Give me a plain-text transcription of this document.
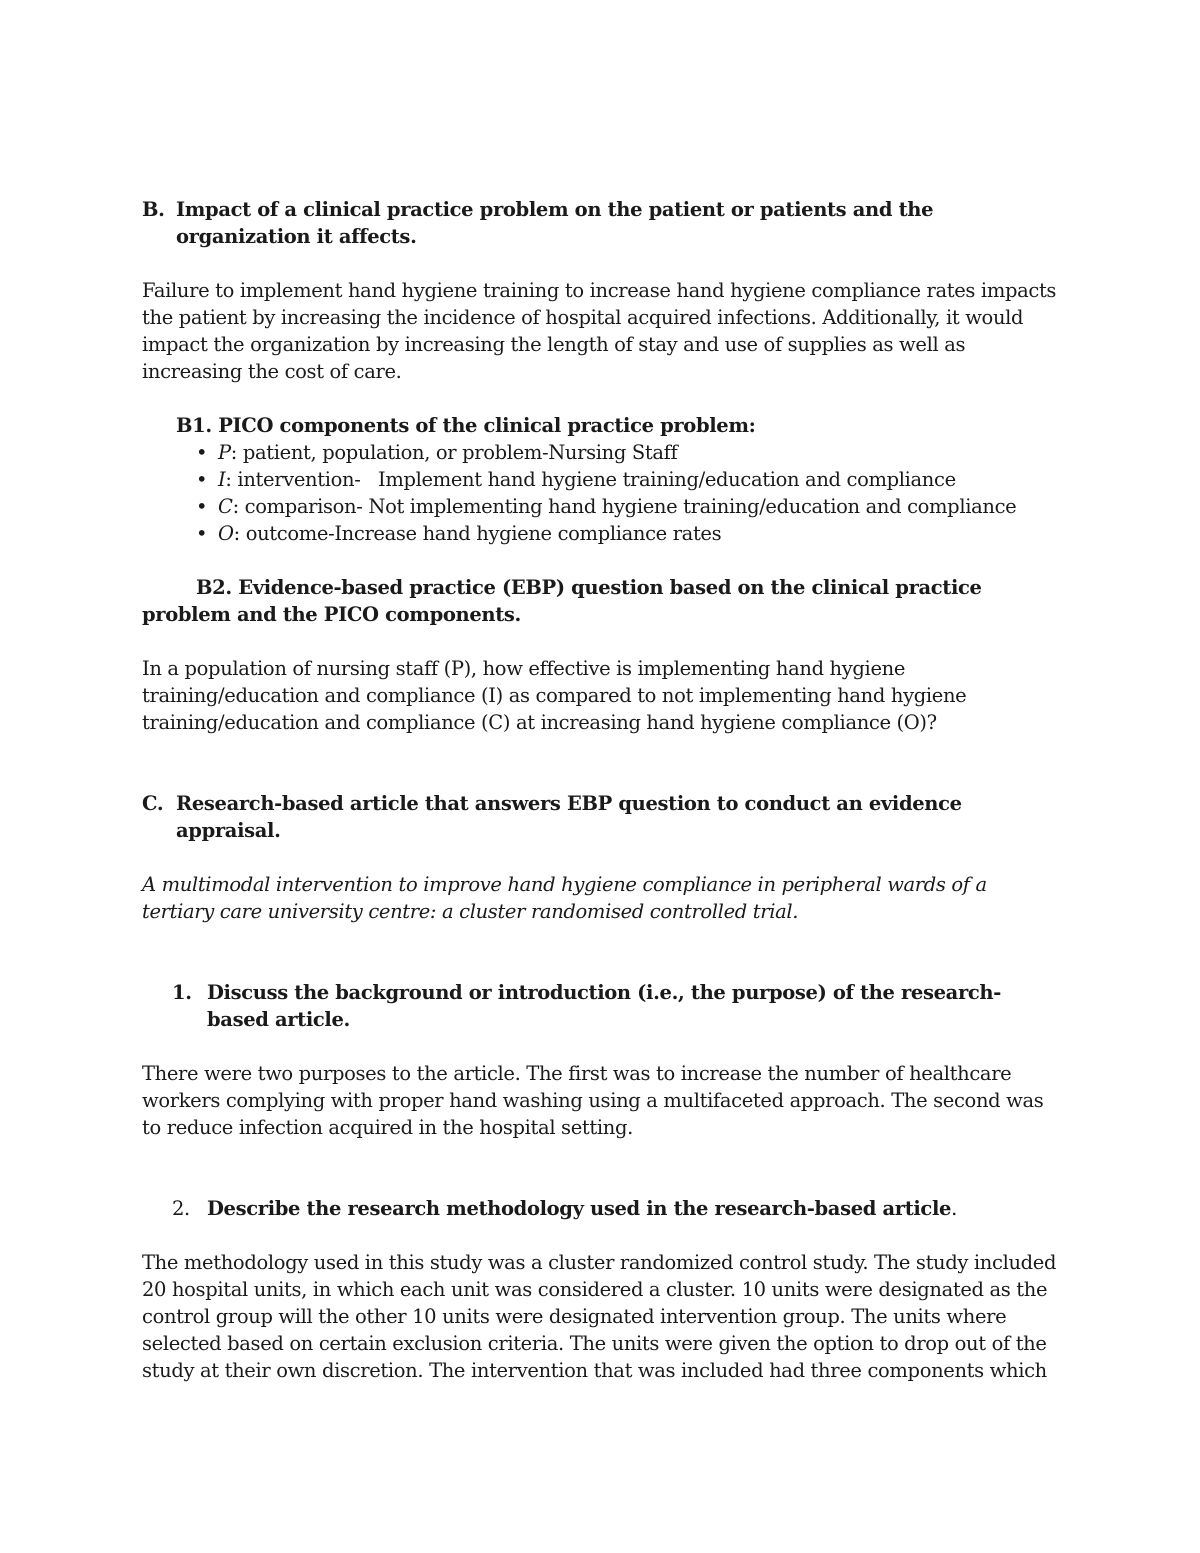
B. Impact of a clinical practice problem on the patient or patients and the organization it affects.

Failure to implement hand hygiene training to increase hand hygiene compliance rates impacts the patient by increasing the incidence of hospital acquired infections. Additionally, it would impact the organization by increasing the length of stay and use of supplies as well as increasing the cost of care.

B1. PICO components of the clinical practice problem:

• P: patient, population, or problem-Nursing Staff
• I: intervention-   Implement hand hygiene training/education and compliance
• C: comparison- Not implementing hand hygiene training/education and compliance
• O: outcome-Increase hand hygiene compliance rates

B2. Evidence-based practice (EBP) question based on the clinical practice problem and the PICO components.

In a population of nursing staff (P), how effective is implementing hand hygiene training/education and compliance (I) as compared to not implementing hand hygiene training/education and compliance (C) at increasing hand hygiene compliance (O)?

C. Research-based article that answers EBP question to conduct an evidence appraisal.

A multimodal intervention to improve hand hygiene compliance in peripheral wards of a tertiary care university centre: a cluster randomised controlled trial.

1. Discuss the background or introduction (i.e., the purpose) of the research-based article.

There were two purposes to the article. The first was to increase the number of healthcare workers complying with proper hand washing using a multifaceted approach. The second was to reduce infection acquired in the hospital setting.

2. Describe the research methodology used in the research-based article.

The methodology used in this study was a cluster randomized control study. The study included 20 hospital units, in which each unit was considered a cluster. 10 units were designated as the control group will the other 10 units were designated intervention group. The units where selected based on certain exclusion criteria. The units were given the option to drop out of the study at their own discretion. The intervention that was included had three components which
